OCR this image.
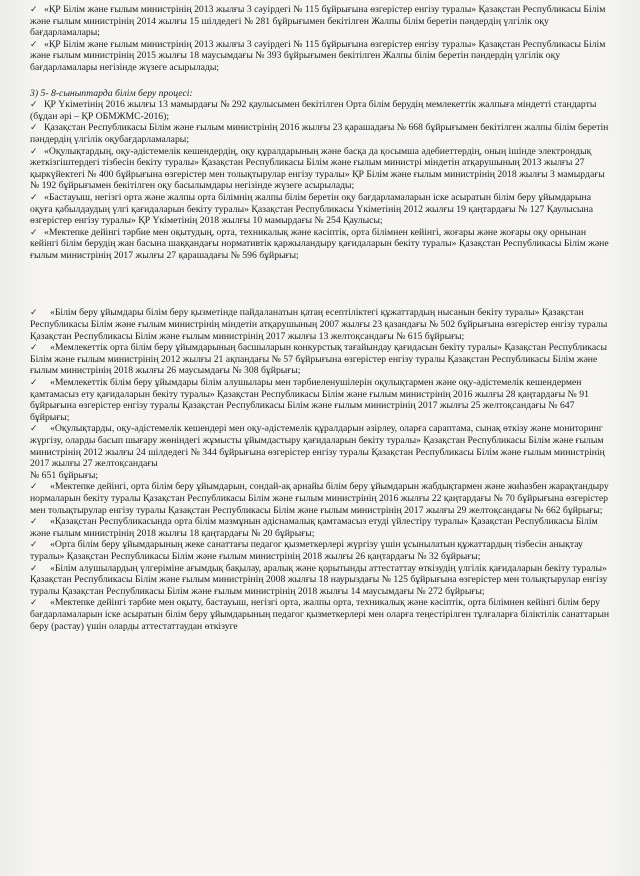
✓ «ҚР Білім және ғылым министрінің 2013 жылғы 3 сәуірдегі № 115 бұйрығына өзгерістер енгізу туралы» Қазақстан Республикасы Білім және ғылым министрінің 2014 жылғы 15 шілдедегі № 281 бұйрығымен бекітілген Жалпы білім беретін пәндердің үлгілік оқу бағдарламалары;

✓ «ҚР Білім және ғылым министрінің 2013 жылғы 3 сәуірдегі № 115 бұйрығына өзгерістер енгізу туралы» Қазақстан Республикасы Білім және ғылым министрінің 2015 жылғы 18 маусымдағы № 393 бұйрығымен бекітілген Жалпы білім беретін пәндердің үлгілік оқу бағдарламалары негізінде жүзеге асырылады;

3) 5- 8-сыныптарда білім беру процесі:

✓ ҚР Үкіметінің 2016 жылғы 13 мамырдағы № 292 қаулысымен бекітілген Орта білім берудің мемлекеттік жалпыға міндетті стандарты (бұдан әрі – ҚР ОБМЖМС-2016);

✓ Қазақстан Республикасы Білім және ғылым министрінің 2016 жылғы 23 қарашадағы № 668 бұйрығымен бекітілген жалпы білім беретін пәндердің үлгілік оқубағдарламалары;

✓ «Оқулықтардың, оқу-әдістемелік кешендердің, оқу құралдарының және басқа да қосымша әдебиеттердің, оның ішінде электрондық жеткізгіштердегі тізбесін бекіту туралы» Қазақстан Республикасы Білім және ғылым министрі міндетін атқарушының 2013 жылғы 27 қыркүйектегі № 400 бұйрығына өзгерістер мен толықтырулар енгізу туралы» ҚР Білім және ғылым министрінің 2018 жылғы 3 мамырдағы № 192 бұйрығымен бекітілген оқу басылымдары негізінде жүзеге асырылады;

✓ «Бастауыш, негізгі орта және жалпы орта білімнің жалпы білім беретін оқу бағдарламаларын іске асыратын білім беру ұйымдарына оқуға қабылдаудың үлгі қағидаларын бекіту туралы» Қазақстан Республикасы Үкіметінің 2012 жылғы 19 қаңтардағы № 127 Қаулысына өзгерістер енгізу туралы» ҚР Үкіметінің 2018 жылғы 10 мамырдағы № 254 Қаулысы;

✓ «Мектепке дейінгі тәрбие мен оқытудың, орта, техникалық және кәсіптік, орта білімнен кейінгі, жоғары және жоғары оқу орнынан кейінгі білім берудің жан басына шаққандағы нормативтік қаржыландыру қағидаларын бекіту туралы» Қазақстан Республикасы Білім және ғылым министрінің 2017 жылғы 27 қарашадағы № 596 бұйрығы;

✓ «Білім беру ұйымдары білім беру қызметінде пайдаланатын қатаң есептіліктегі құжаттардың нысанын бекіту туралы» Қазақстан Республикасы Білім және ғылым министрінің міндетін атқарушының 2007 жылғы 23 қазандағы № 502 бұйрығына өзгерістер енгізу туралы Қазақстан Республикасы Білім және ғылым министрінің 2017 жылғы 13 желтоқсандағы № 615 бұйрығы;

✓ «Мемлекеттік орта білім беру ұйымдарының басшыларын конкурстық тағайындау қағидасын бекіту туралы» Қазақстан Республикасы Білім және ғылым министрінің 2012 жылғы 21 ақпандағы № 57 бұйрығына өзгерістер енгізу туралы Қазақстан Республикасы Білім және ғылым министрінің 2018 жылғы 26 маусымдағы № 308 бұйрығы;

✓ «Мемлекеттік білім беру ұйымдары білім алушылары мен тәрбиеленушілерін оқулықтармен және оқу-әдістемелік кешендермен қамтамасыз ету қағидаларын бекіту туралы» Қазақстан Республикасы Білім және ғылым министрінің 2016 жылғы 28 қаңтардағы № 91 бұйрығына өзгерістер енгізу туралы Қазақстан Республикасы Білім және ғылым министрінің 2017 жылғы 25 желтоқсандағы № 647 бұйрығы;

✓ «Оқулықтарды, оқу-әдістемелік кешендері мен оқу-әдістемелік құралдарын әзірлеу, оларға сараптама, сынақ өткізу және мониторинг жүргізу, оларды басып шығару жөніндегі жұмысты ұйымдастыру қағидаларын бекіту туралы» Қазақстан Республикасы Білім және ғылым министрінің 2012 жылғы 24 шілдедегі № 344 бұйрығына өзгерістер енгізу туралы Қазақстан Республикасы Білім және ғылым министрінің 2017 жылғы 27 желтоқсандағы

№ 651 бұйрығы;

✓ «Мектепке дейінгі, орта білім беру ұйымдарын, сондай-ақ арнайы білім беру ұйымдарын жабдықтармен және жиһазбен жарақтандыру нормаларын бекіту туралы Қазақстан Республикасы Білім және ғылым министрінің 2016 жылғы 22 қаңтардағы № 70 бұйрығына өзгерістер мен толықтырулар енгізу туралы Қазақстан Республикасы Білім және ғылым министрінің 2017 жылғы 29 желтоқсандағы № 662 бұйрығы;

✓ «Қазақстан Республикасында орта білім мазмұнын әдіснамалық қамтамасыз етуді үйлестіру туралы» Қазақстан Республикасы Білім және ғылым министрінің 2018 жылғы 18 қаңтардағы № 20 бұйрығы;

✓ «Орта білім беру ұйымдарының жеке санаттағы педагог қызметкерлері жүргізу үшін ұсынылатын құжаттардың тізбесін анықтау туралы» Қазақстан Республикасы Білім және ғылым министрінің 2018 жылғы 26 қаңтардағы № 32 бұйрығы;

✓ «Білім алушылардың үлгеріміне ағымдық бақылау, аралық және қорытынды аттестаттау өткізудің үлгілік қағидаларын бекіту туралы» Қазақстан Республикасы Білім және ғылым министрінің 2008 жылғы 18 наурыздағы № 125 бұйрығына өзгерістер мен толықтырулар енгізу туралы Қазақстан Республикасы Білім және ғылым министрінің 2018 жылғы 14 маусымдағы № 272 бұйрығы;

✓ «Мектепке дейінгі тәрбие мен оқыту, бастауыш, негізгі орта, жалпы орта, техникалық және кәсіптік, орта білімнен кейінгі білім беру бағдарламаларын іске асыратын білім беру ұйымдарының педагог қызметкерлері мен оларға теңестірілген тұлғаларға біліктілік санаттарын беру (растау) үшін оларды аттестаттаудан өткізуге
